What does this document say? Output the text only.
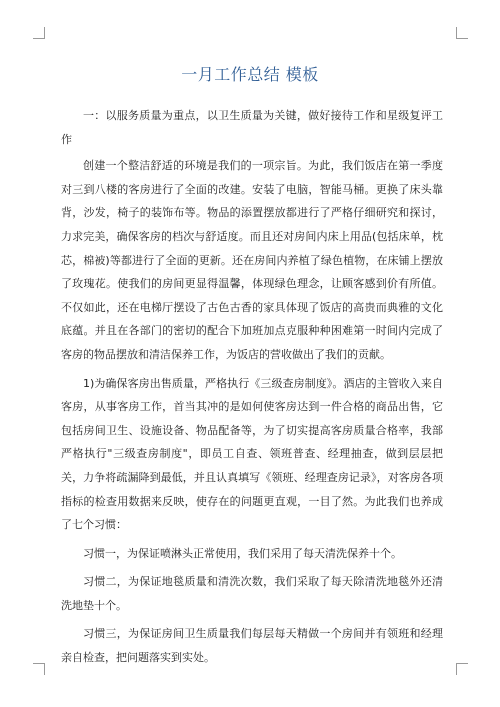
一月工作总结 模板

一：以服务质量为重点，以卫生质量为关键，做好接待工作和星级复评工作

创建一个整洁舒适的环境是我们的一项宗旨。为此，我们饭店在第一季度对三到八楼的客房进行了全面的改建。安装了电脑，智能马桶。更换了床头靠背，沙发，椅子的装饰布等。物品的添置摆放都进行了严格仔细研究和探讨，力求完美，确保客房的档次与舒适度。而且还对房间内床上用品(包括床单，枕芯，棉被)等都进行了全面的更新。还在房间内养植了绿色植物，在床铺上摆放了玫瑰花。使我们的房间更显得温馨，体现绿色理念，让顾客感到价有所值。不仅如此，还在电梯厅摆设了古色古香的家具体现了饭店的高贵而典雅的文化底蕴。并且在各部门的密切的配合下加班加点克服种种困难第一时间内完成了客房的物品摆放和清洁保养工作，为饭店的营收做出了我们的贡献。

1)为确保客房出售质量，严格执行《三级查房制度》。酒店的主管收入来自客房，从事客房工作，首当其冲的是如何使客房达到一件合格的商品出售，它包括房间卫生、设施设备、物品配备等，为了切实提高客房质量合格率，我部严格执行"三级查房制度"，即员工自查、领班普查、经理抽查，做到层层把关，力争将疏漏降到最低，并且认真填写《领班、经理查房记录》，对客房各项指标的检查用数据来反映，使存在的问题更直观，一目了然。为此我们也养成了七个习惯：

习惯一，为保证喷淋头正常使用，我们采用了每天清洗保养十个。

习惯二，为保证地毯质量和清洗次数，我们采取了每天除清洗地毯外还清洗地垫十个。

习惯三，为保证房间卫生质量我们每层每天精做一个房间并有领班和经理亲自检查，把问题落实到实处。
